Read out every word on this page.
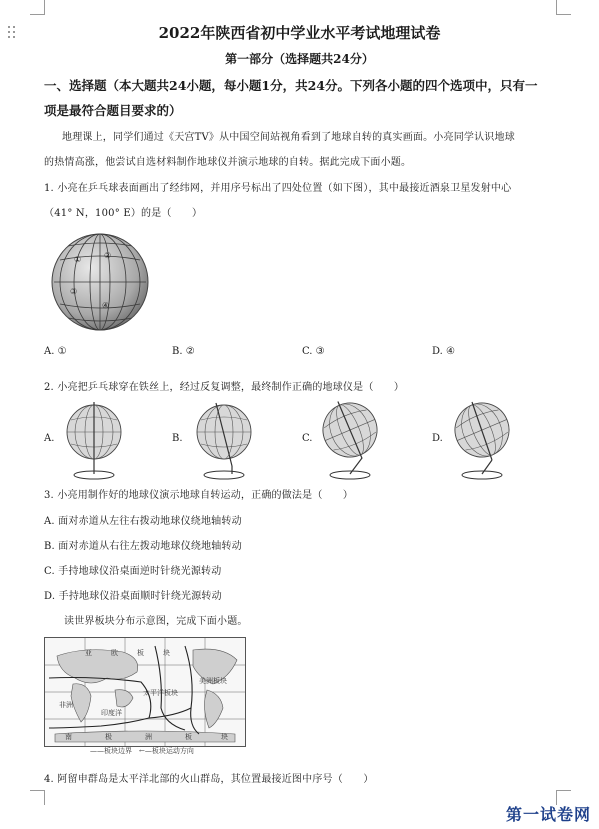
2022年陕西省初中学业水平考试地理试卷
第一部分（选择题共24分）
一、选择题（本大题共24小题，每小题1分，共24分。下列各小题的四个选项中，只有一
项是最符合题目要求的）
地理课上，同学们通过《天宫TV》从中国空间站视角看到了地球自转的真实画面。小亮同学认识地球
的热情高涨，他尝试自选材料制作地球仪并演示地球的自转。据此完成下面小题。
1. 小亮在乒乓球表面画出了经纬网，并用序号标出了四处位置（如下图），其中最接近酒泉卫星发射中心
（41° N，100° E）的是（　　）
①	②
③
④
A. ①	B. ②	C. ③	D. ④
2. 小亮把乒乓球穿在铁丝上，经过反复调整，最终制作正确的地球仪是（　　）
A.	B.	C.	D.
3. 小亮用制作好的地球仪演示地球自转运动，正确的做法是（　　）
A. 面对赤道从左往右拨动地球仪绕地轴转动
B. 面对赤道从右往左拨动地球仪绕地轴转动
C. 手持地球仪沿桌面逆时针绕光源转动
D. 手持地球仪沿桌面顺时针绕光源转动
读世界板块分布示意图，完成下面小题。
亚	欧	板	块
太平洋板块
美洲板块
非洲
印度洋
南	极	洲	板	块
——板块边界　←—板块运动方向
4. 阿留申群岛是太平洋北部的火山群岛，其位置最接近图中序号（　　）
第一试卷网
